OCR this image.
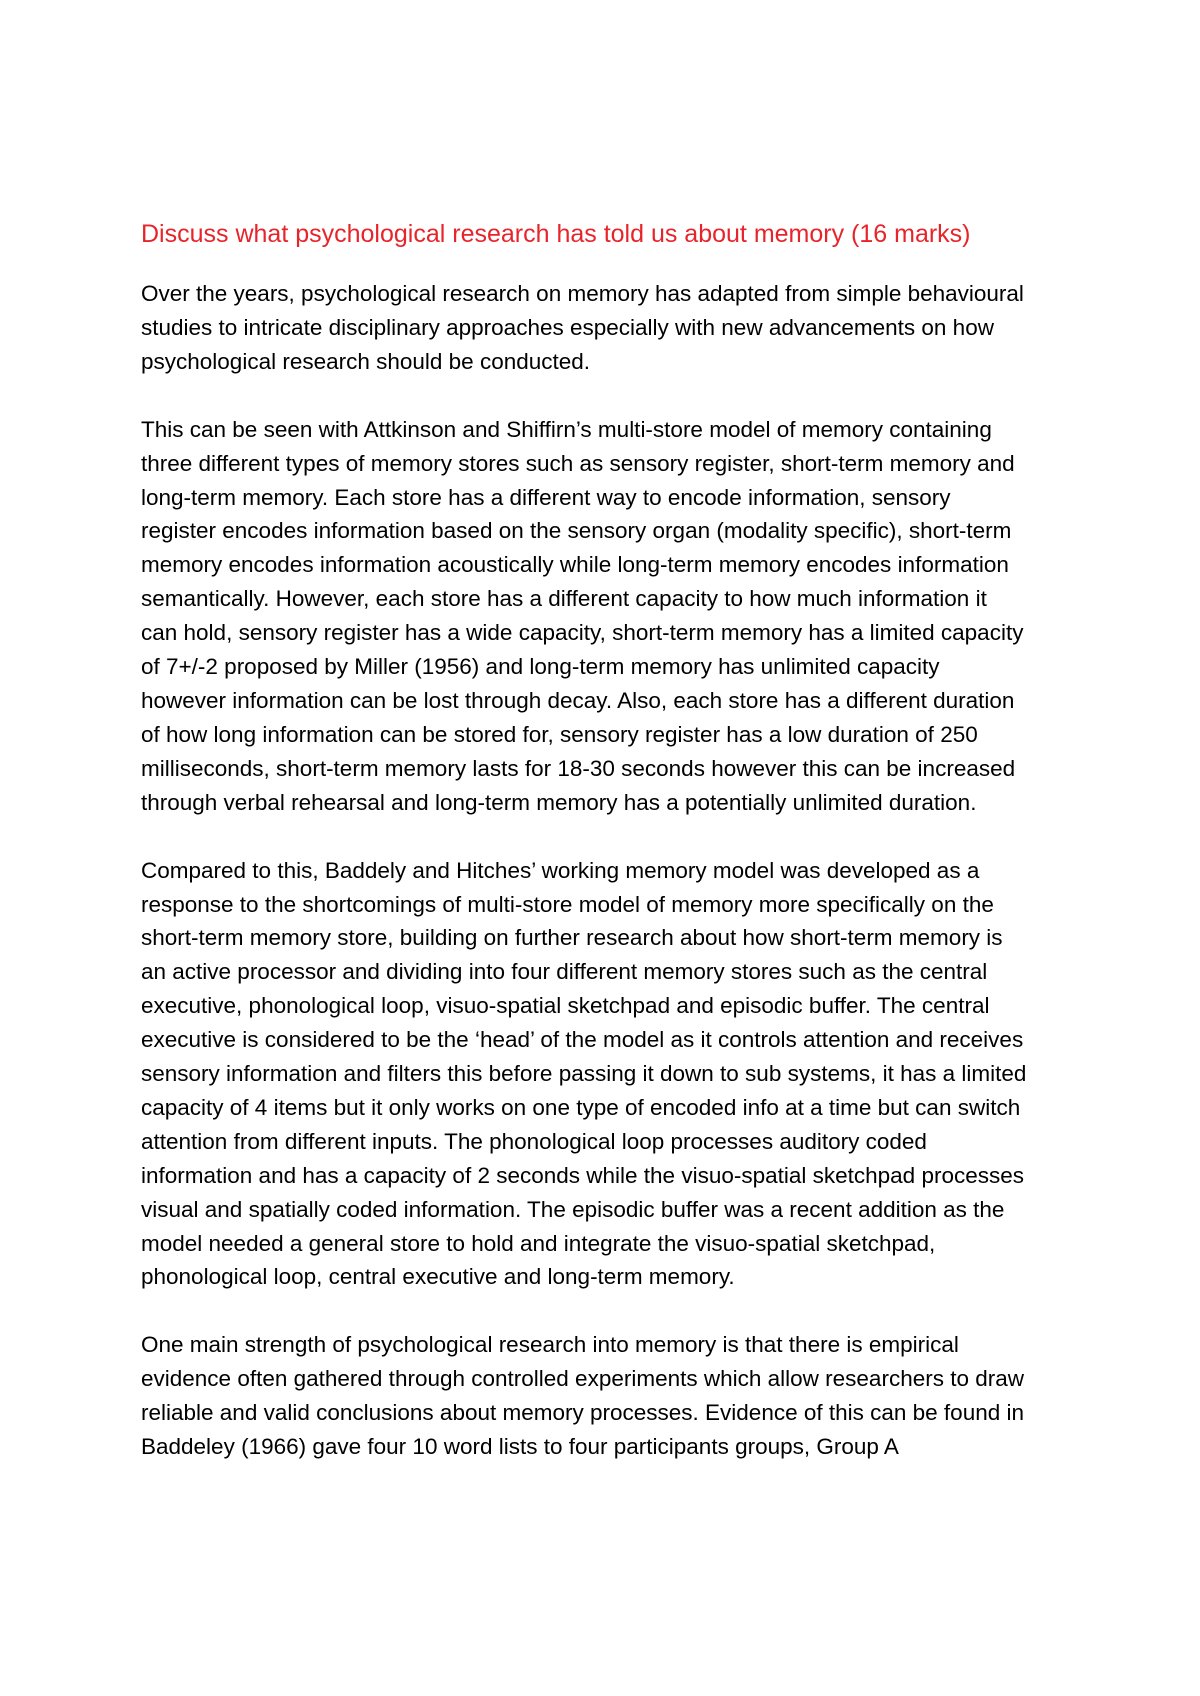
Discuss what psychological research has told us about memory (16 marks)

Over the years, psychological research on memory has adapted from simple behavioural
studies to intricate disciplinary approaches especially with new advancements on how
psychological research should be conducted.

This can be seen with Attkinson and Shiffirn’s multi-store model of memory containing
three different types of memory stores such as sensory register, short-term memory and
long-term memory. Each store has a different way to encode information, sensory
register encodes information based on the sensory organ (modality specific), short-term
memory encodes information acoustically while long-term memory encodes information
semantically. However, each store has a different capacity to how much information it
can hold, sensory register has a wide capacity, short-term memory has a limited capacity
of 7+/-2 proposed by Miller (1956) and long-term memory has unlimited capacity
however information can be lost through decay. Also, each store has a different duration
of how long information can be stored for, sensory register has a low duration of 250
milliseconds, short-term memory lasts for 18-30 seconds however this can be increased
through verbal rehearsal and long-term memory has a potentially unlimited duration.

Compared to this, Baddely and Hitches’ working memory model was developed as a
response to the shortcomings of multi-store model of memory more specifically on the
short-term memory store, building on further research about how short-term memory is
an active processor and dividing into four different memory stores such as the central
executive, phonological loop, visuo-spatial sketchpad and episodic buffer. The central
executive is considered to be the ‘head’ of the model as it controls attention and receives
sensory information and filters this before passing it down to sub systems, it has a limited
capacity of 4 items but it only works on one type of encoded info at a time but can switch
attention from different inputs. The phonological loop processes auditory coded
information and has a capacity of 2 seconds while the visuo-spatial sketchpad processes
visual and spatially coded information. The episodic buffer was a recent addition as the
model needed a general store to hold and integrate the visuo-spatial sketchpad,
phonological loop, central executive and long-term memory.

One main strength of psychological research into memory is that there is empirical
evidence often gathered through controlled experiments which allow researchers to draw
reliable and valid conclusions about memory processes. Evidence of this can be found in
Baddeley (1966) gave four 10 word lists to four participants groups, Group A
